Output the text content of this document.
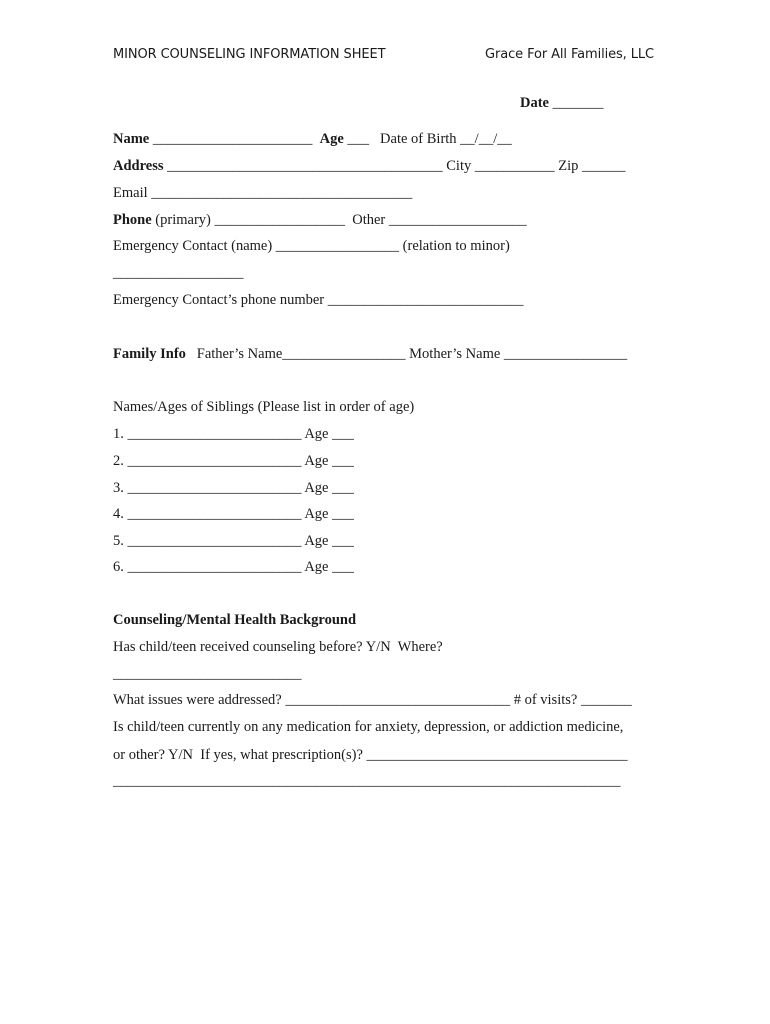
MINOR COUNSELING INFORMATION SHEET	Grace For All Families, LLC
Date _______
Name ______________________  Age ___   Date of Birth __/__/__
Address ______________________________________ City ___________ Zip ______
Email ____________________________________
Phone (primary) __________________  Other ___________________
Emergency Contact (name) _________________ (relation to minor)
__________________
Emergency Contact’s phone number ___________________________
Family Info   Father’s Name_________________ Mother’s Name _________________
Names/Ages of Siblings (Please list in order of age)
1. ________________________ Age ___
2. ________________________ Age ___
3. ________________________ Age ___
4. ________________________ Age ___
5. ________________________ Age ___
6. ________________________ Age ___
Counseling/Mental Health Background
Has child/teen received counseling before? Y/N  Where?
__________________________
What issues were addressed? _______________________________ # of visits? _______
Is child/teen currently on any medication for anxiety, depression, or addiction medicine,
or other? Y/N  If yes, what prescription(s)? ____________________________________
______________________________________________________________________
